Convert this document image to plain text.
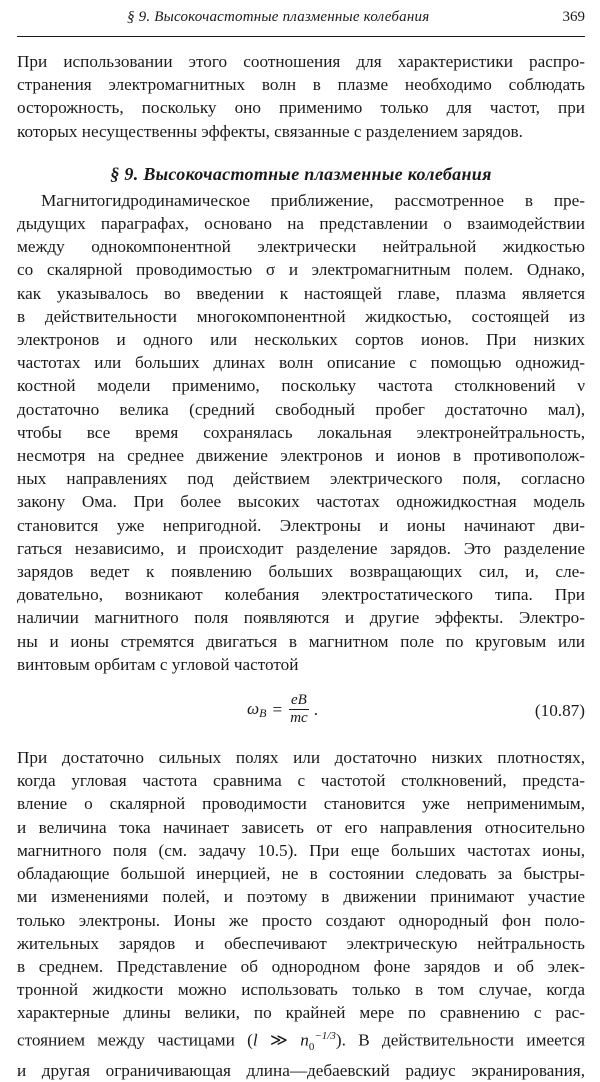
§ 9. Высокочастотные плазменные колебания	369

При использовании этого соотношения для характеристики распро-
странения электромагнитных волн в плазме необходимо соблюдать
осторожность, поскольку оно применимо только для частот, при
которых несущественны эффекты, связанные с разделением зарядов.

§ 9. Высокочастотные плазменные колебания

Магнитогидродинамическое приближение, рассмотренное в пре-
дыдущих параграфах, основано на представлении о взаимодействии
между однокомпонентной электрически нейтральной жидкостью
со скалярной проводимостью σ и электромагнитным полем. Однако,
как указывалось во введении к настоящей главе, плазма является
в действительности многокомпонентной жидкостью, состоящей из
электронов и одного или нескольких сортов ионов. При низких
частотах или больших длинах волн описание с помощью одножид-
костной модели применимо, поскольку частота столкновений ν
достаточно велика (средний свободный пробег достаточно мал),
чтобы все время сохранялась локальная электронейтральность,
несмотря на среднее движение электронов и ионов в противополож-
ных направлениях под действием электрического поля, согласно
закону Ома. При более высоких частотах одножидкостная модель
становится уже непригодной. Электроны и ионы начинают дви-
гаться независимо, и происходит разделение зарядов. Это разделение
зарядов ведет к появлению больших возвращающих сил, и, сле-
довательно, возникают колебания электростатического типа. При
наличии магнитного поля появляются и другие эффекты. Электро-
ны и ионы стремятся двигаться в магнитном поле по круговым или
винтовым орбитам с угловой частотой

$\omega_B = \frac{eB}{mc}$ .	(10.87)

При достаточно сильных полях или достаточно низких плотностях,
когда угловая частота сравнима с частотой столкновений, предста-
вление о скалярной проводимости становится уже неприменимым,
и величина тока начинает зависеть от его направления относительно
магнитного поля (см. задачу 10.5). При еще больших частотах ионы,
обладающие большой инерцией, не в состоянии следовать за быстры-
ми изменениями полей, и поэтому в движении принимают участие
только электроны. Ионы же просто создают однородный фон поло-
жительных зарядов и обеспечивают электрическую нейтральность
в среднем. Представление об однородном фоне зарядов и об элек-
тронной жидкости можно использовать только в том случае, когда
характерные длины велики, по крайней мере по сравнению с рас-
стоянием между частицами (l ≫ $n_0^{-1/3}$). В действительности имеется
и другая ограничивающая длина—дебаевский радиус экранирования,
